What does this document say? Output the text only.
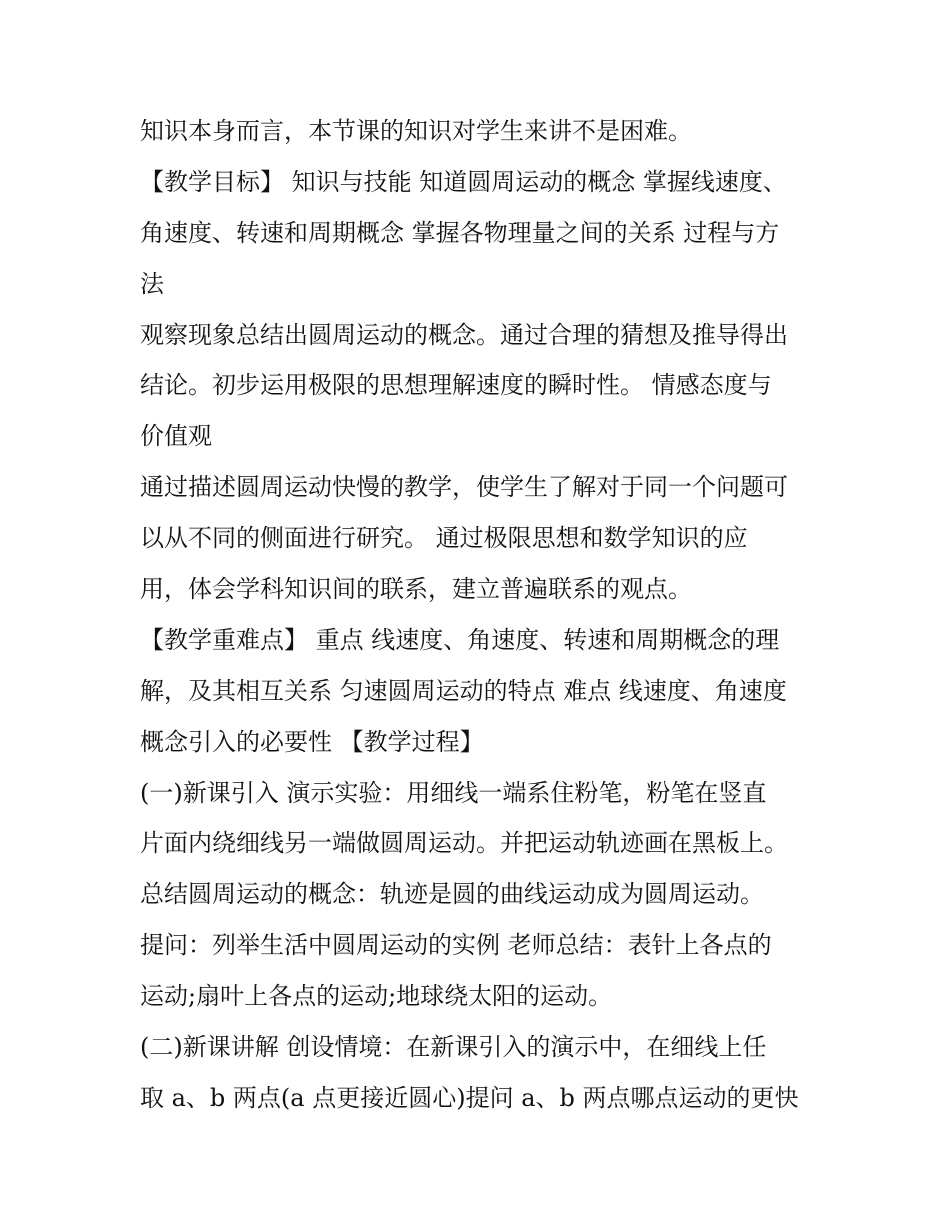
知识本身而言，本节课的知识对学生来讲不是困难。
【教学目标】 知识与技能 知道圆周运动的概念 掌握线速度、
角速度、转速和周期概念 掌握各物理量之间的关系 过程与方
法
观察现象总结出圆周运动的概念。通过合理的猜想及推导得出
结论。初步运用极限的思想理解速度的瞬时性。 情感态度与
价值观
通过描述圆周运动快慢的教学，使学生了解对于同一个问题可
以从不同的侧面进行研究。 通过极限思想和数学知识的应
用，体会学科知识间的联系，建立普遍联系的观点。
【教学重难点】 重点 线速度、角速度、转速和周期概念的理
解，及其相互关系 匀速圆周运动的特点 难点 线速度、角速度
概念引入的必要性 【教学过程】
(一)新课引入 演示实验：用细线一端系住粉笔，粉笔在竖直
片面内绕细线另一端做圆周运动。并把运动轨迹画在黑板上。
总结圆周运动的概念：轨迹是圆的曲线运动成为圆周运动。
提问：列举生活中圆周运动的实例 老师总结：表针上各点的
运动;扇叶上各点的运动;地球绕太阳的运动。
(二)新课讲解 创设情境：在新课引入的演示中，在细线上任
取 a、b 两点(a 点更接近圆心)提问 a、b 两点哪点运动的更快
